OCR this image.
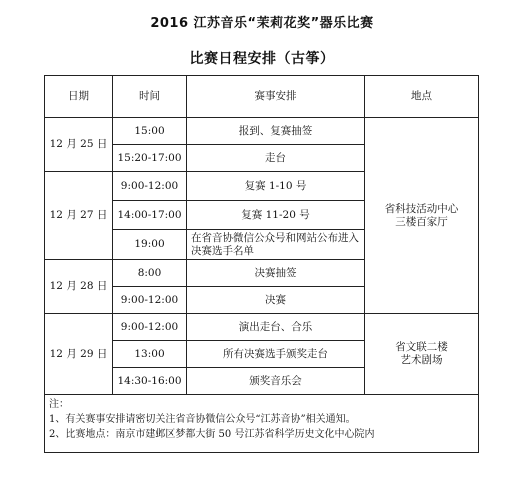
2016 江苏音乐“茉莉花奖”器乐比赛
比赛日程安排（古筝）
日期	时间	赛事安排	地点
12 月 25 日	15:00	报到、复赛抽签	省科技活动中心
三楼百家厅

	15:20-17:00	走台	
12 月 27 日	9:00-12:00	复赛 1-10 号	
	14:00-17:00	复赛 11-20 号	
	19:00	在省音协微信公众号和网站公布进入决赛选手名单	
12 月 28 日	8:00	决赛抽签	
	9:00-12:00	决赛	
12 月 29 日	9:00-12:00	演出走台、合乐	省文联二楼
艺术剧场

	13:00	所有决赛选手颁奖走台	
	14:30-16:00	颁奖音乐会	

注：
1、有关赛事安排请密切关注省音协微信公众号“江苏音协”相关通知。
2、比赛地点：南京市建邺区梦都大街 50 号江苏省科学历史文化中心院内			
